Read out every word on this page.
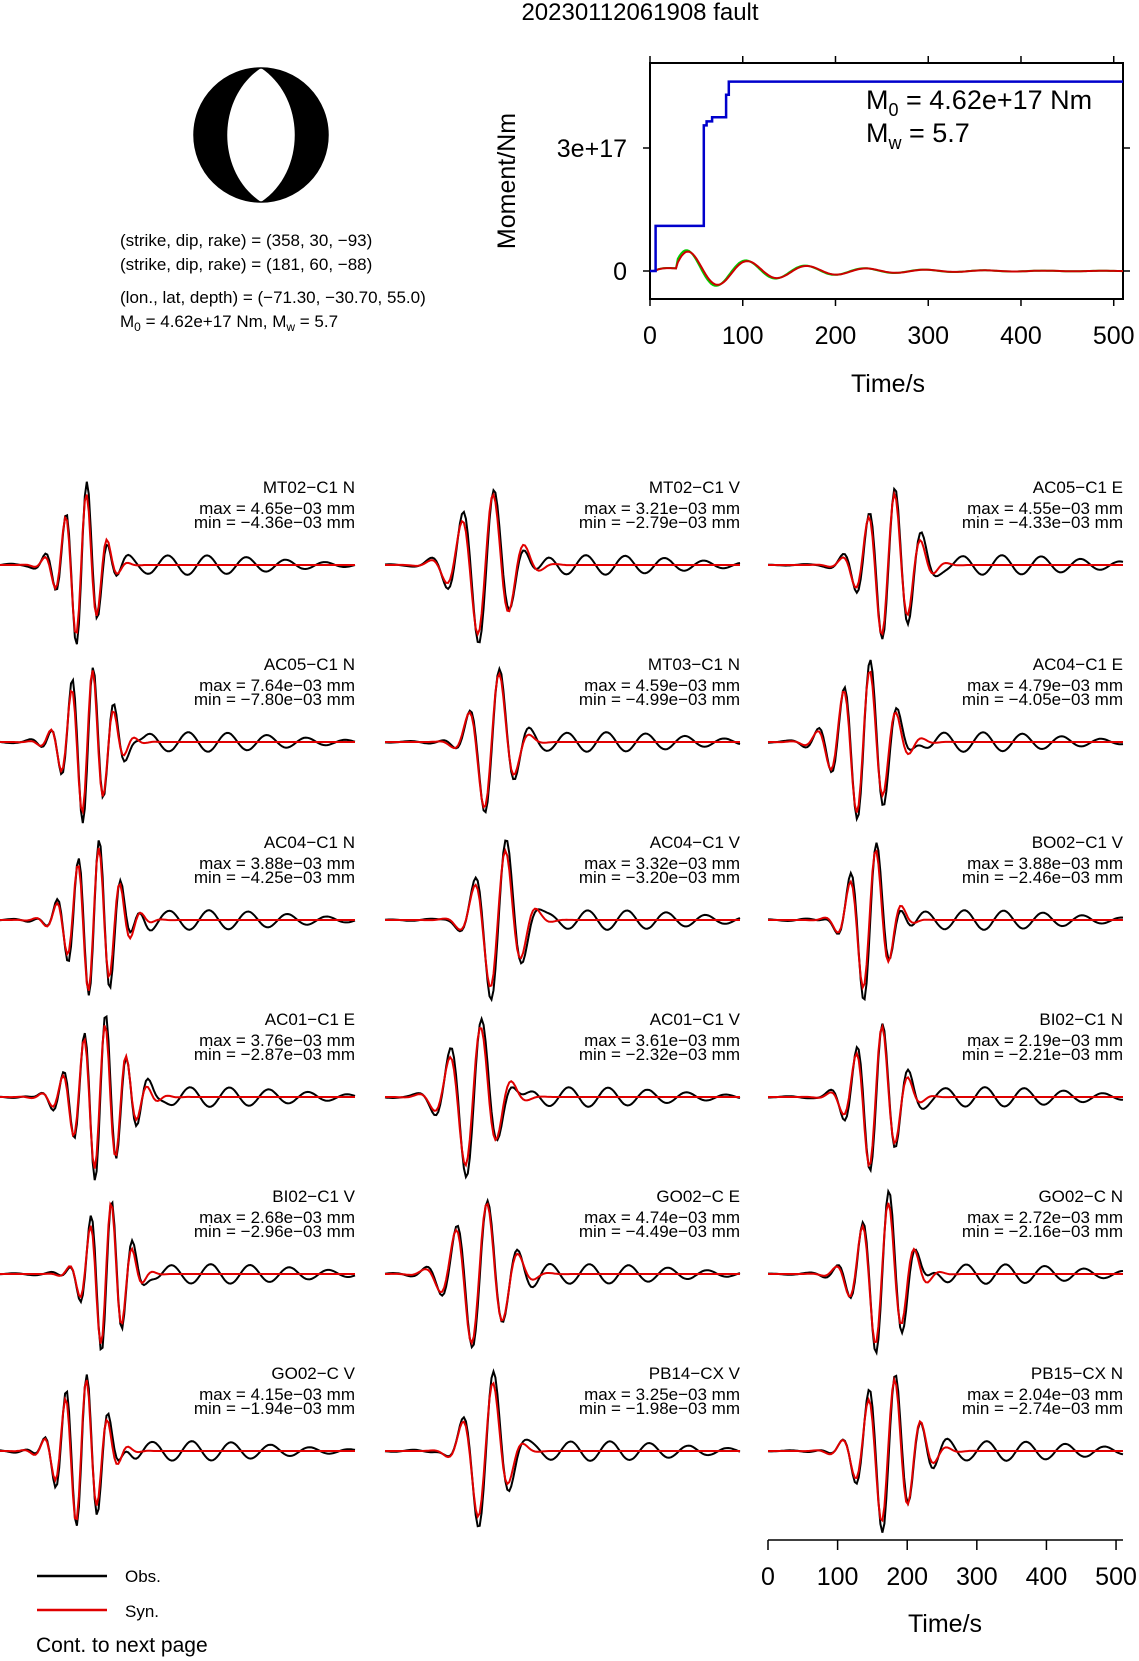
20230112061908 fault
(strike, dip, rake) = (358, 30, −93)
(strike, dip, rake) = (181, 60, −88)
(lon., lat, depth) = (−71.30, −30.70, 55.0)
$M_0 = 4.62e+17$ Nm, $M_w = 5.7$
0	100 200 300 400 500
3e+17
0
Moment/Nm
Time/s
$M_0 = 4.62e+17$ Nm
$M_w = 5.7$
MT02−C1 N
max = 4.65e−03 mm
min = −4.36e−03 mm
MT02−C1 V
max = 3.21e−03 mm
min = −2.79e−03 mm
AC05−C1 E
max = 4.55e−03 mm
min = −4.33e−03 mm
AC05−C1 N
max = 7.64e−03 mm
min = −7.80e−03 mm
MT03−C1 N
max = 4.59e−03 mm
min = −4.99e−03 mm
AC04−C1 E
max = 4.79e−03 mm
min = −4.05e−03 mm
AC04−C1 N
max = 3.88e−03 mm
min = −4.25e−03 mm
AC04−C1 V
max = 3.32e−03 mm
min = −3.20e−03 mm
BO02−C1 V
max = 3.88e−03 mm
min = −2.46e−03 mm
AC01−C1 E
max = 3.76e−03 mm
min = −2.87e−03 mm
AC01−C1 V
max = 3.61e−03 mm
min = −2.32e−03 mm
BI02−C1 N
max = 2.19e−03 mm
min = −2.21e−03 mm
BI02−C1 V
max = 2.68e−03 mm
min = −2.96e−03 mm
GO02−C E
max = 4.74e−03 mm
min = −4.49e−03 mm
GO02−C N
max = 2.72e−03 mm
min = −2.16e−03 mm
GO02−C V
max = 4.15e−03 mm
min = −1.94e−03 mm
PB14−CX V
max = 3.25e−03 mm
min = −1.98e−03 mm
PB15−CX N
max = 2.04e−03 mm
min = −2.74e−03 mm
0 100 200 300 400 500
Time/s
Obs.
Syn.
Cont. to next page
